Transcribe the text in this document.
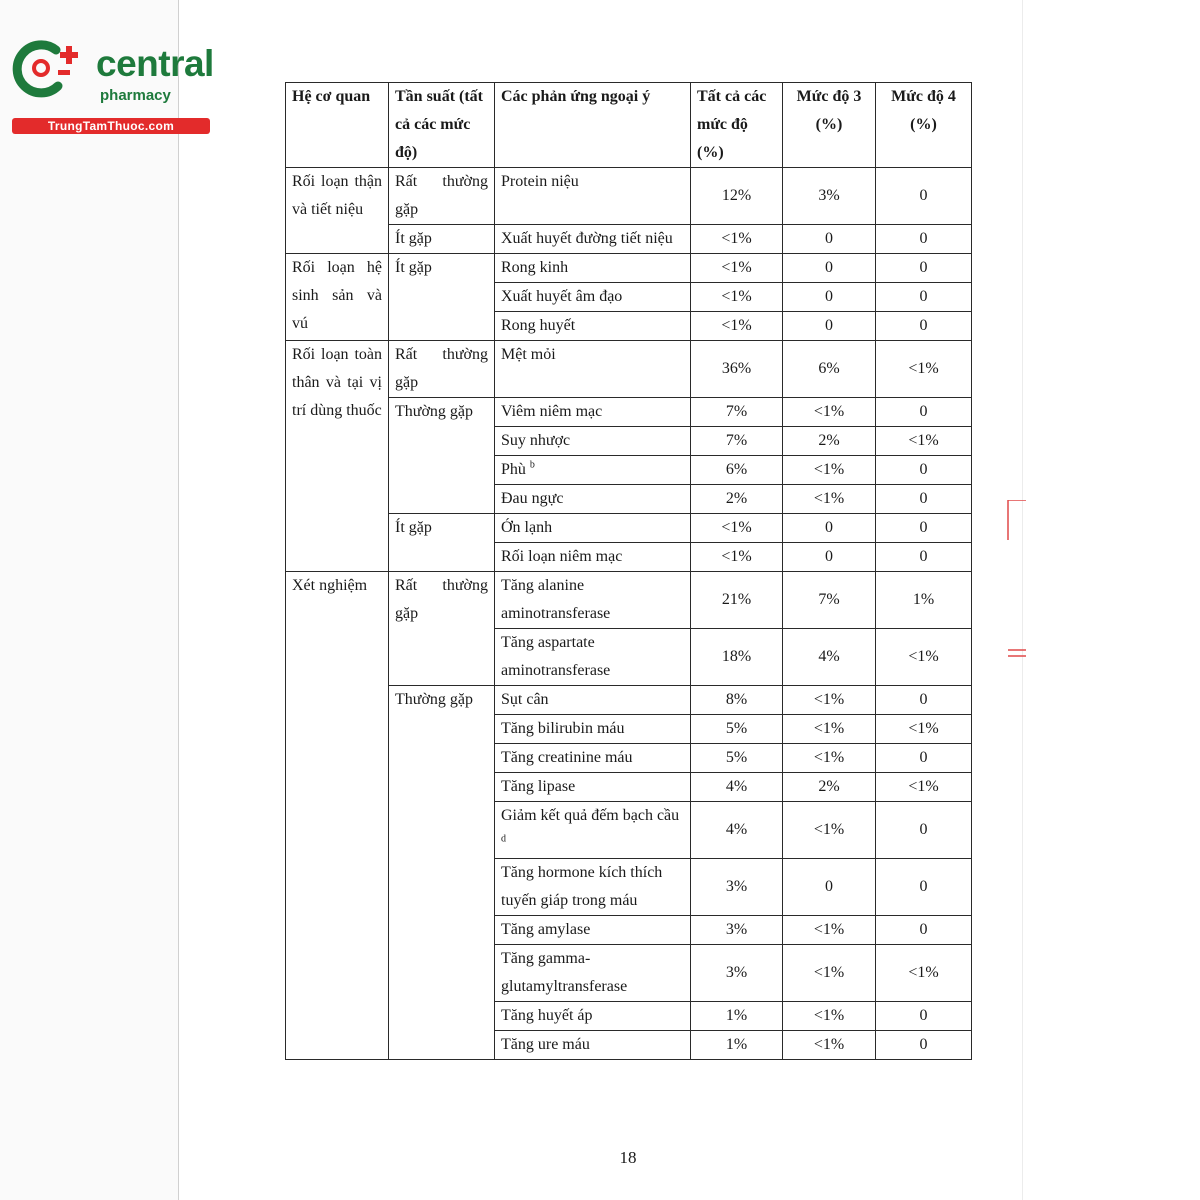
central
pharmacy
TrungTamThuoc.com
Hệ cơ quan	Tần suất (tất cả các mức độ)	Các phản ứng ngoại ý	Tất cả các mức độ (%)	Mức độ 3 (%)	Mức độ 4 (%)
Rối loạn thận và tiết niệu	Rất thường gặp	Protein niệu	12%	3%	0
	Ít gặp	Xuất huyết đường tiết niệu	<1%	0	0
Rối loạn hệ sinh sản và vú	Ít gặp	Rong kinh	<1%	0	0
		Xuất huyết âm đạo	<1%	0	0
		Rong huyết	<1%	0	0
Rối loạn toàn thân và tại vị trí dùng thuốc	Rất thường gặp	Mệt mỏi	36%	6%	<1%
	Thường gặp	Viêm niêm mạc	7%	<1%	0
		Suy nhược	7%	2%	<1%
		Phù $^b$	6%	<1%	0
		Đau ngực	2%	<1%	0
	Ít gặp	Ớn lạnh	<1%	0	0
		Rối loạn niêm mạc	<1%	0	0
Xét nghiệm	Rất thường gặp	Tăng alanine aminotransferase	21%	7%	1%
		Tăng aspartate aminotransferase	18%	4%	<1%
	Thường gặp	Sụt cân	8%	<1%	0
		Tăng bilirubin máu	5%	<1%	<1%
		Tăng creatinine máu	5%	<1%	0
		Tăng lipase	4%	2%	<1%
		Giảm kết quả đếm bạch cầu $^d$	4%	<1%	0
		Tăng hormone kích thích tuyến giáp trong máu	3%	0	0
		Tăng amylase	3%	<1%	0
		Tăng gamma-glutamyltransferase	3%	<1%	<1%
		Tăng huyết áp	1%	<1%	0
		Tăng ure máu	1%	<1%	0
18
